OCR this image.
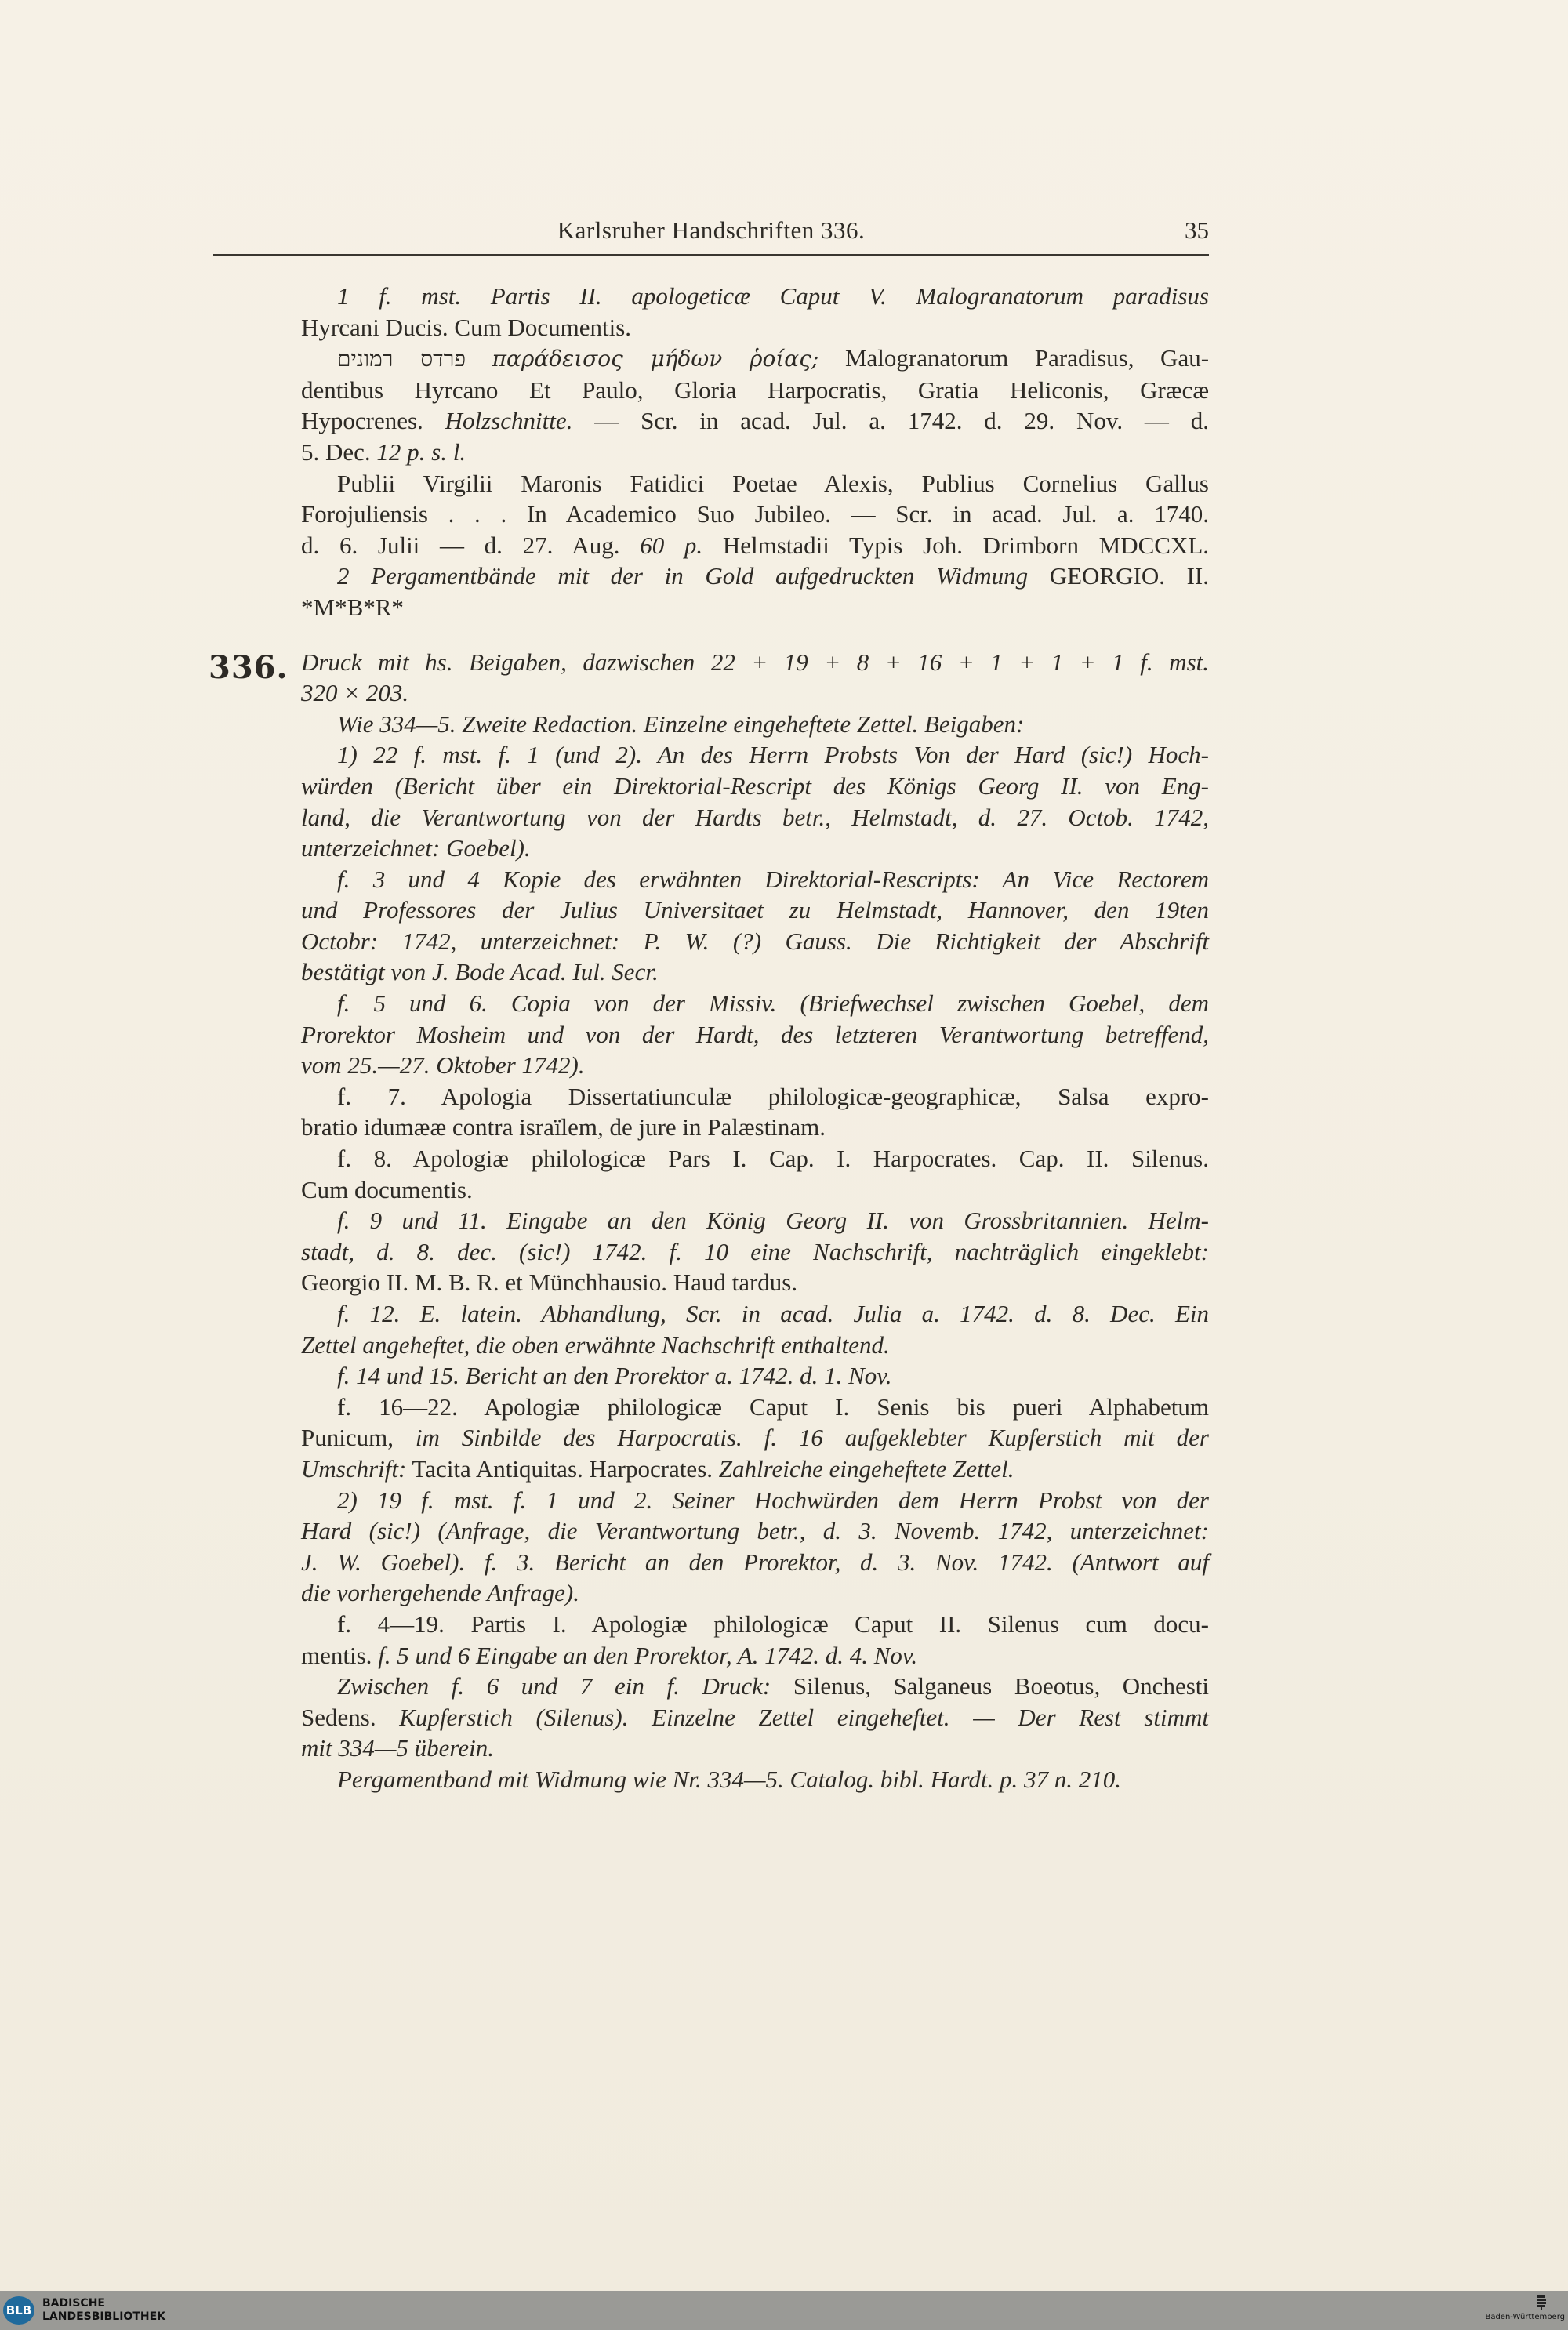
Karlsruher Handschriften 336.	35

1 f. mst. Partis II. apologeticæ Caput V. Malogranatorum paradisus
Hyrcani Ducis. Cum Documentis.

פרדס רמונים παράδεισος μήδων ῥοίας; Malogranatorum Paradisus, Gau-
dentibus Hyrcano Et Paulo, Gloria Harpocratis, Gratia Heliconis, Græcæ
Hypocrenes. Holzschnitte. — Scr. in acad. Jul. a. 1742. d. 29. Nov. — d.
5. Dec. 12 p. s. l.

Publii Virgilii Maronis Fatidici Poetae Alexis, Publius Cornelius Gallus
Forojuliensis . . . In Academico Suo Jubileo. — Scr. in acad. Jul. a. 1740.
d. 6. Julii — d. 27. Aug. 60 p. Helmstadii Typis Joh. Drimborn MDCCXL.

2 Pergamentbände mit der in Gold aufgedruckten Widmung GEORGIO. II.
*M*B*R*

Druck mit hs. Beigaben, dazwischen 22 + 19 + 8 + 16 + 1 + 1 + 1 f. mst.
320 × 203.

Wie 334—5. Zweite Redaction. Einzelne eingeheftete Zettel. Beigaben:

1) 22 f. mst. f. 1 (und 2). An des Herrn Probsts Von der Hard (sic!) Hoch-
würden (Bericht über ein Direktorial-Rescript des Königs Georg II. von Eng-
land, die Verantwortung von der Hardts betr., Helmstadt, d. 27. Octob. 1742,
unterzeichnet: Goebel).

f. 3 und 4 Kopie des erwähnten Direktorial-Rescripts: An Vice Rectorem
und Professores der Julius Universitaet zu Helmstadt, Hannover, den 19ten
Octobr: 1742, unterzeichnet: P. W. (?) Gauss. Die Richtigkeit der Abschrift
bestätigt von J. Bode Acad. Iul. Secr.

f. 5 und 6. Copia von der Missiv. (Briefwechsel zwischen Goebel, dem
Prorektor Mosheim und von der Hardt, des letzteren Verantwortung betreffend,
vom 25.—27. Oktober 1742).

f. 7. Apologia Dissertatiunculæ philologicæ-geographicæ, Salsa expro-
bratio idumææ contra israïlem, de jure in Palæstinam.

f. 8. Apologiæ philologicæ Pars I. Cap. I. Harpocrates. Cap. II. Silenus.
Cum documentis.

f. 9 und 11. Eingabe an den König Georg II. von Grossbritannien. Helm-
stadt, d. 8. dec. (sic!) 1742. f. 10 eine Nachschrift, nachträglich eingeklebt:
Georgio II. M. B. R. et Münchhausio. Haud tardus.

f. 12. E. latein. Abhandlung, Scr. in acad. Julia a. 1742. d. 8. Dec. Ein
Zettel angeheftet, die oben erwähnte Nachschrift enthaltend.

f. 14 und 15. Bericht an den Prorektor a. 1742. d. 1. Nov.

f. 16—22. Apologiæ philologicæ Caput I. Senis bis pueri Alphabetum
Punicum, im Sinbilde des Harpocratis. f. 16 aufgeklebter Kupferstich mit der
Umschrift: Tacita Antiquitas. Harpocrates. Zahlreiche eingeheftete Zettel.

2) 19 f. mst. f. 1 und 2. Seiner Hochwürden dem Herrn Probst von der
Hard (sic!) (Anfrage, die Verantwortung betr., d. 3. Novemb. 1742, unterzeichnet:
J. W. Goebel). f. 3. Bericht an den Prorektor, d. 3. Nov. 1742. (Antwort auf
die vorhergehende Anfrage).

f. 4—19. Partis I. Apologiæ philologicæ Caput II. Silenus cum docu-
mentis. f. 5 und 6 Eingabe an den Prorektor, A. 1742. d. 4. Nov.

Zwischen f. 6 und 7 ein f. Druck: Silenus, Salganeus Boeotus, Onchesti
Sedens. Kupferstich (Silenus). Einzelne Zettel eingeheftet. — Der Rest stimmt
mit 334—5 überein.

Pergamentband mit Widmung wie Nr. 334—5. Catalog. bibl. Hardt. p. 37 n. 210.

336.
BLB BADISCHE
LANDESBIBLIOTHEK	Baden-Württemberg
